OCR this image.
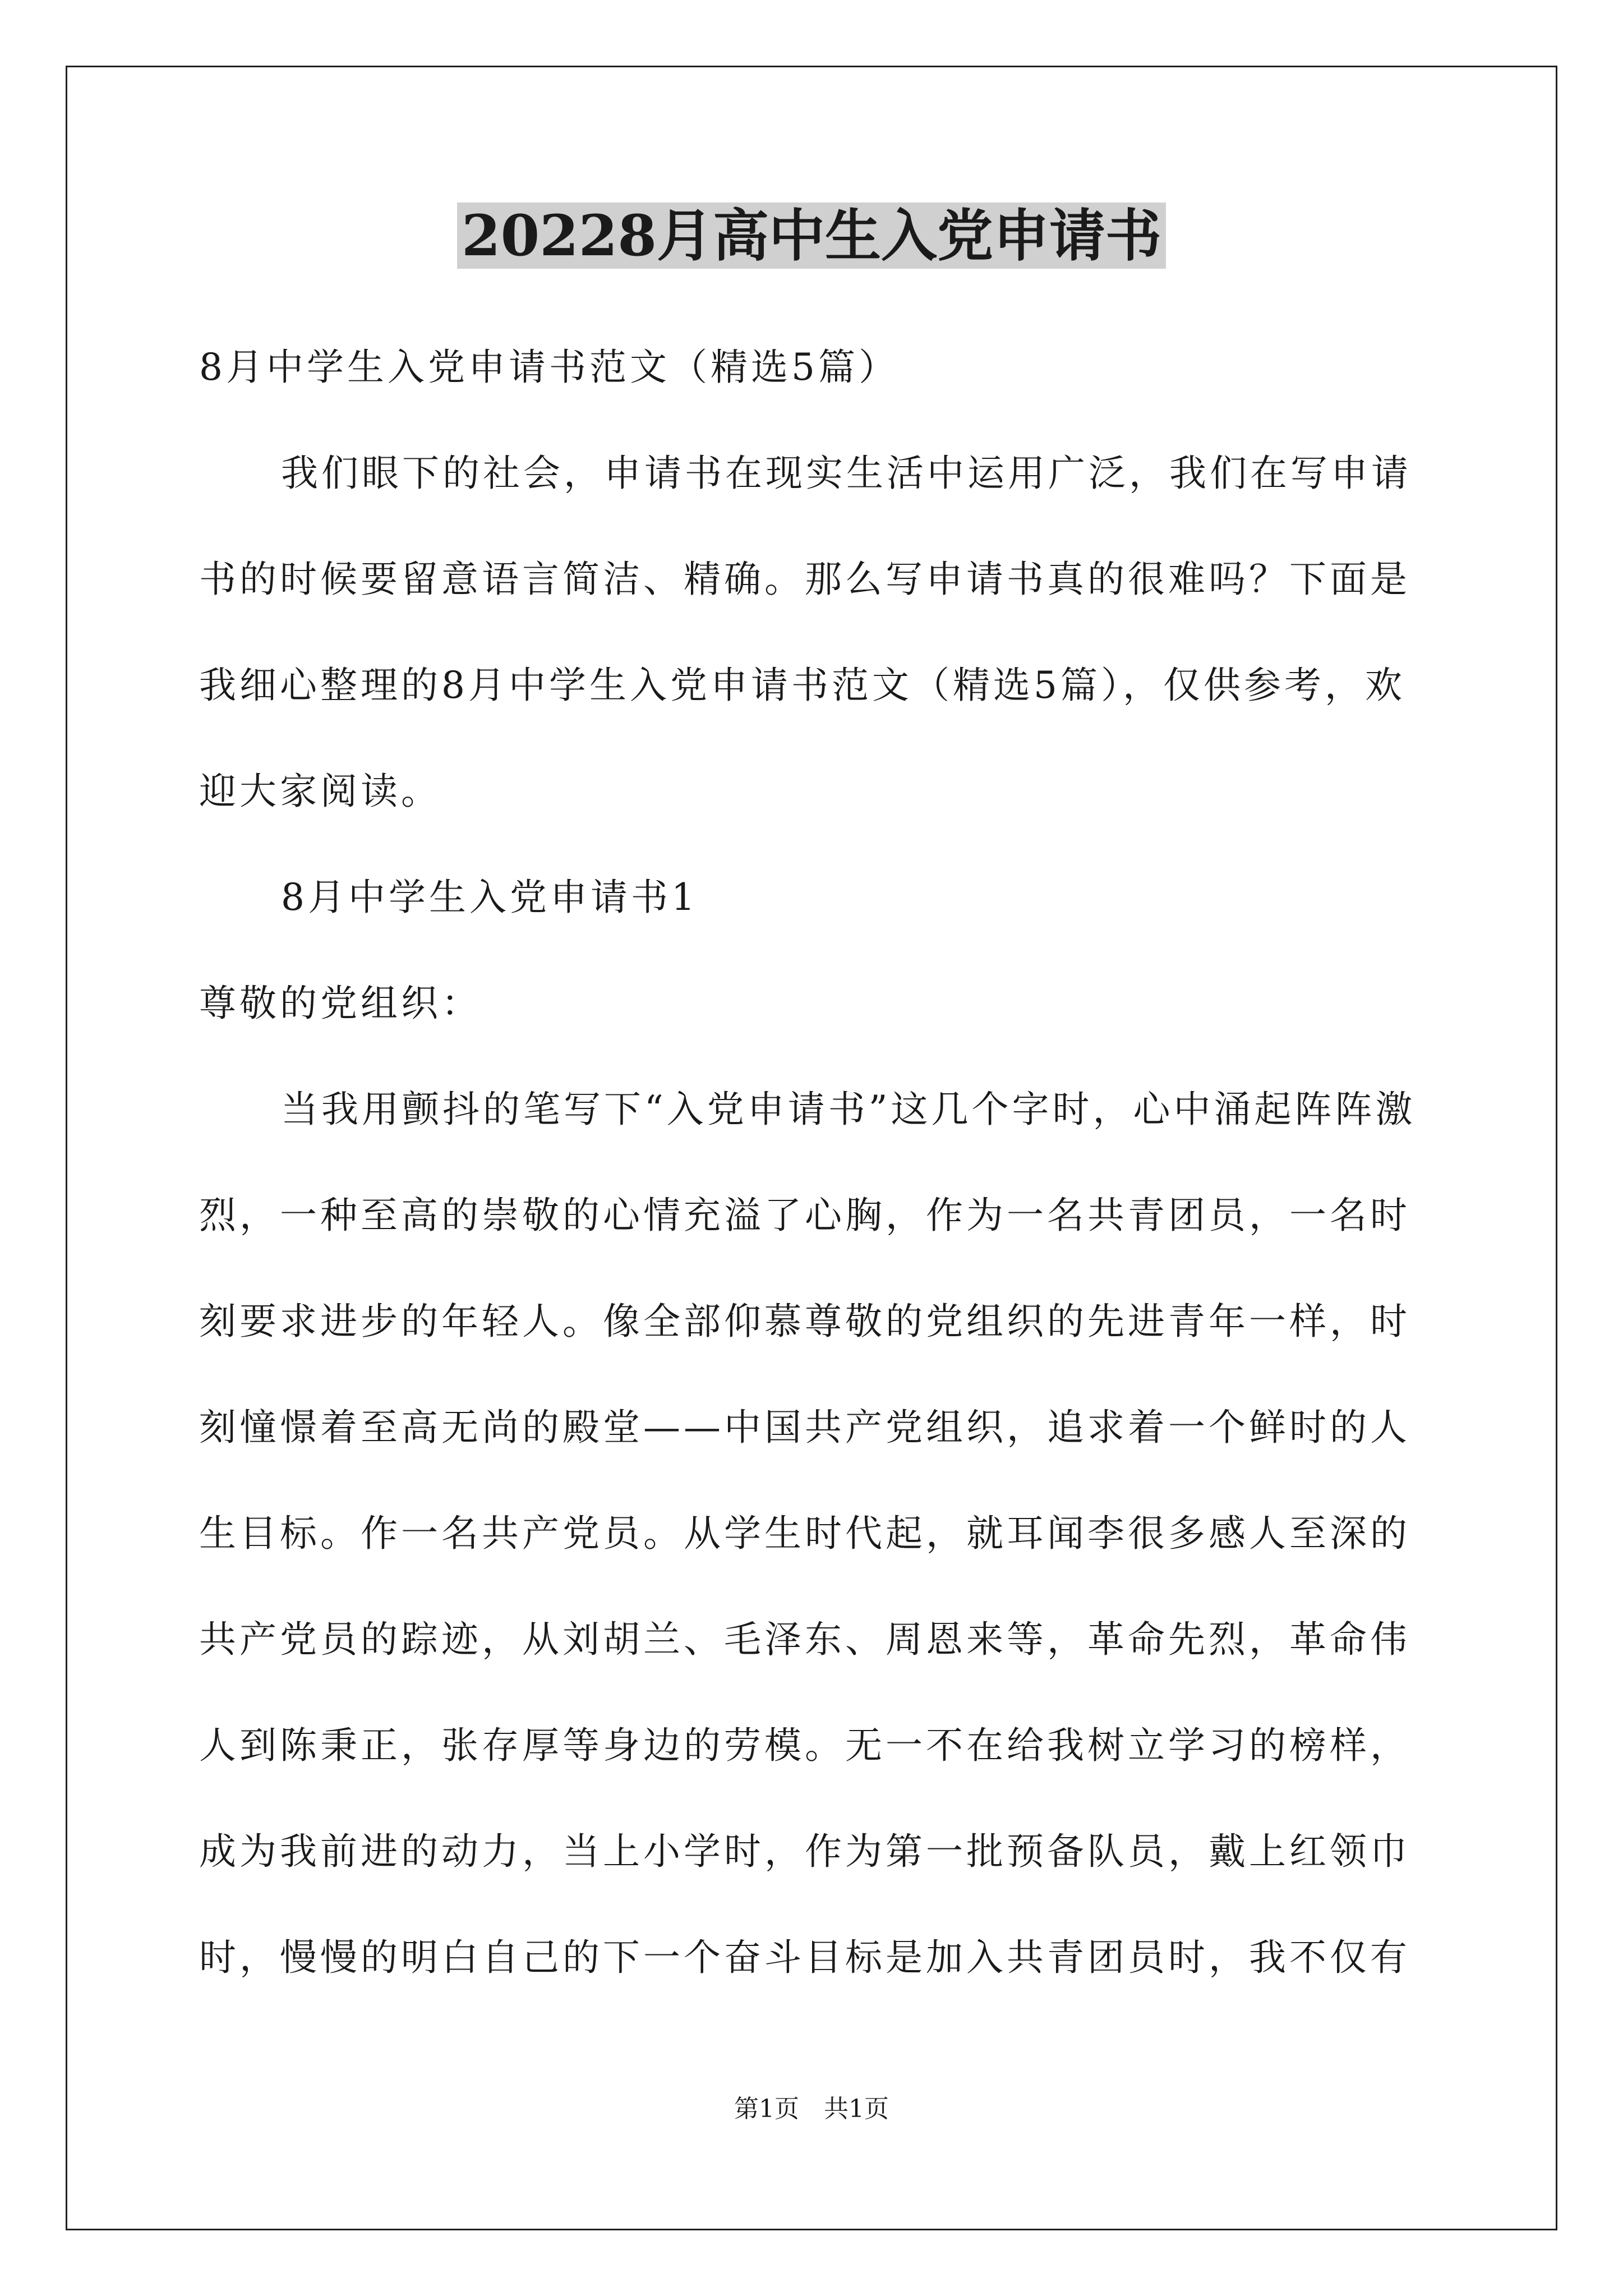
20228月高中生入党申请书

8月中学生入党申请书范文（精选5篇）

我们眼下的社会，申请书在现实生活中运用广泛，我们在写申请书的时候要留意语言简洁、精确。那么写申请书真的很难吗？下面是我细心整理的8月中学生入党申请书范文（精选5篇），仅供参考，欢迎大家阅读。

8月中学生入党申请书1

尊敬的党组织：

当我用颤抖的笔写下“入党申请书”这几个字时，心中涌起阵阵激烈，一种至高的崇敬的心情充溢了心胸，作为一名共青团员，一名时刻要求进步的年轻人。像全部仰慕尊敬的党组织的先进青年一样，时刻憧憬着至高无尚的殿堂——中国共产党组织，追求着一个鲜时的人生目标。作一名共产党员。从学生时代起，就耳闻李很多感人至深的共产党员的踪迹，从刘胡兰、毛泽东、周恩来等，革命先烈，革命伟人到陈秉正，张存厚等身边的劳模。无一不在给我树立学习的榜样，成为我前进的动力，当上小学时，作为第一批预备队员，戴上红领巾时，慢慢的明白自己的下一个奋斗目标是加入共青团员时，我不仅有

第1页 共1页
